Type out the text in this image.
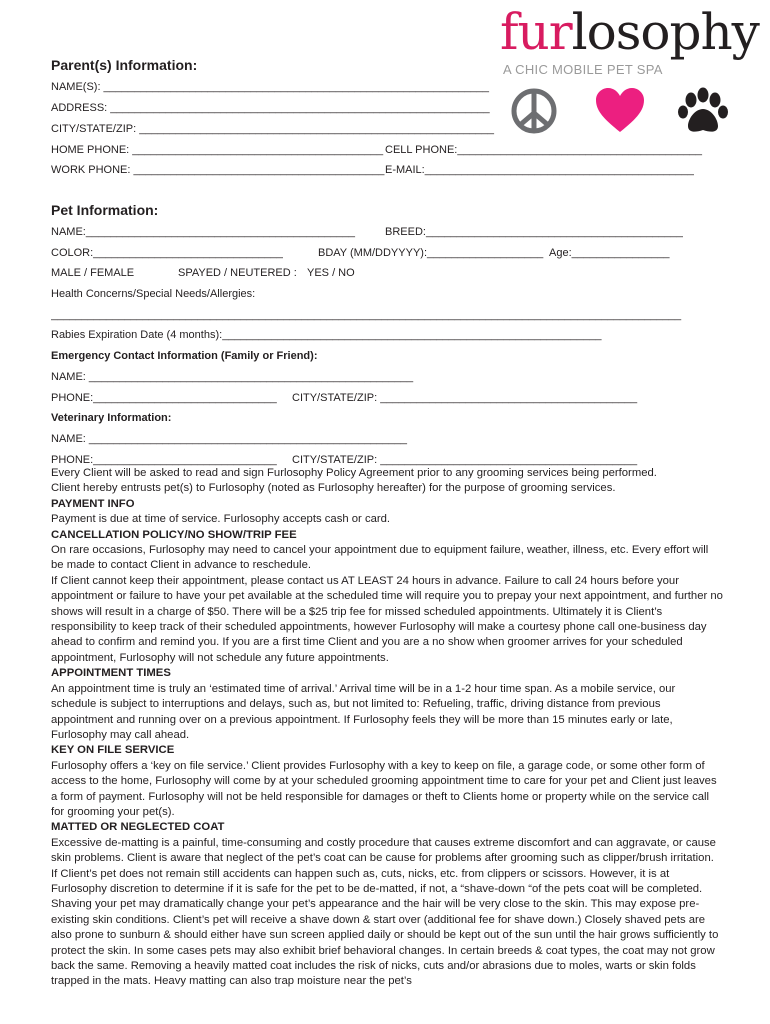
furlosophy
A CHIC MOBILE PET SPA
Parent(s) Information:
NAME(S): _______________________________________________________________
ADDRESS: ______________________________________________________________
CITY/STATE/ZIP: __________________________________________________________
HOME PHONE: _________________________________________ CELL PHONE:________________________________________
WORK PHONE: _________________________________________ E-MAIL:____________________________________________
Pet Information:
NAME:____________________________________________	BREED:__________________________________________
COLOR:_______________________________	BDAY (MM/DDYYYY):___________________ Age:________________
MALE / FEMALE	SPAYED / NEUTERED : YES / NO
Health Concerns/Special Needs/Allergies:
_______________________________________________________________________________________________________
Rabies Expiration Date (4 months):______________________________________________________________
Emergency Contact Information (Family or Friend):
NAME: _____________________________________________________
PHONE:______________________________ CITY/STATE/ZIP: __________________________________________
Veterinary Information:
NAME: ____________________________________________________
PHONE:______________________________ CITY/STATE/ZIP: __________________________________________

Every Client will be asked to read and sign Furlosophy Policy Agreement prior to any grooming services being performed.

Client hereby entrusts pet(s) to Furlosophy (noted as Furlosophy hereafter) for the purpose of grooming services.

PAYMENT INFO

Payment is due at time of service. Furlosophy accepts cash or card.

CANCELLATION POLICY/NO SHOW/TRIP FEE

On rare occasions, Furlosophy may need to cancel your appointment due to equipment failure, weather, illness, etc. Every effort will be made to contact Client in advance to reschedule.

If Client cannot keep their appointment, please contact us AT LEAST 24 hours in advance. Failure to call 24 hours before your appointment or failure to have your pet available at the scheduled time will require you to prepay your next appointment, and further no shows will result in a charge of $50. There will be a $25 trip fee for missed scheduled appointments. Ultimately it is Client’s responsibility to keep track of their scheduled appointments, however Furlosophy will make a courtesy phone call one-business day ahead to confirm and remind you. If you are a first time Client and you are a no show when groomer arrives for your scheduled appointment, Furlosophy will not schedule any future appointments.

APPOINTMENT TIMES

An appointment time is truly an ‘estimated time of arrival.’ Arrival time will be in a 1-2 hour time span. As a mobile service, our schedule is subject to interruptions and delays, such as, but not limited to: Refueling, traffic, driving distance from previous appointment and running over on a previous appointment. If Furlosophy feels they will be more than 15 minutes early or late, Furlosophy may call ahead.

KEY ON FILE SERVICE

Furlosophy offers a ‘key on file service.’ Client provides Furlosophy with a key to keep on file, a garage code, or some other form of access to the home, Furlosophy will come by at your scheduled grooming appointment time to care for your pet and Client just leaves a form of payment. Furlosophy will not be held responsible for damages or theft to Clients home or property while on the service call for grooming your pet(s).

MATTED OR NEGLECTED COAT

Excessive de-matting is a painful, time-consuming and costly procedure that causes extreme discomfort and can aggravate, or cause skin problems. Client is aware that neglect of the pet’s coat can be cause for problems after grooming such as clipper/brush irritation. If Client’s pet does not remain still accidents can happen such as, cuts, nicks, etc. from clippers or scissors. However, it is at Furlosophy discretion to determine if it is safe for the pet to be de-matted, if not, a “shave-down “of the pets coat will be completed. Shaving your pet may dramatically change your pet’s appearance and the hair will be very close to the skin. This may expose pre-existing skin conditions. Client’s pet will receive a shave down & start over (additional fee for shave down.) Closely shaved pets are also prone to sunburn & should either have sun screen applied daily or should be kept out of the sun until the hair grows sufficiently to protect the skin. In some cases pets may also exhibit brief behavioral changes. In certain breeds & coat types, the coat may not grow back the same. Removing a heavily matted coat includes the risk of nicks, cuts and/or abrasions due to moles, warts or skin folds trapped in the mats. Heavy matting can also trap moisture near the pet’s
